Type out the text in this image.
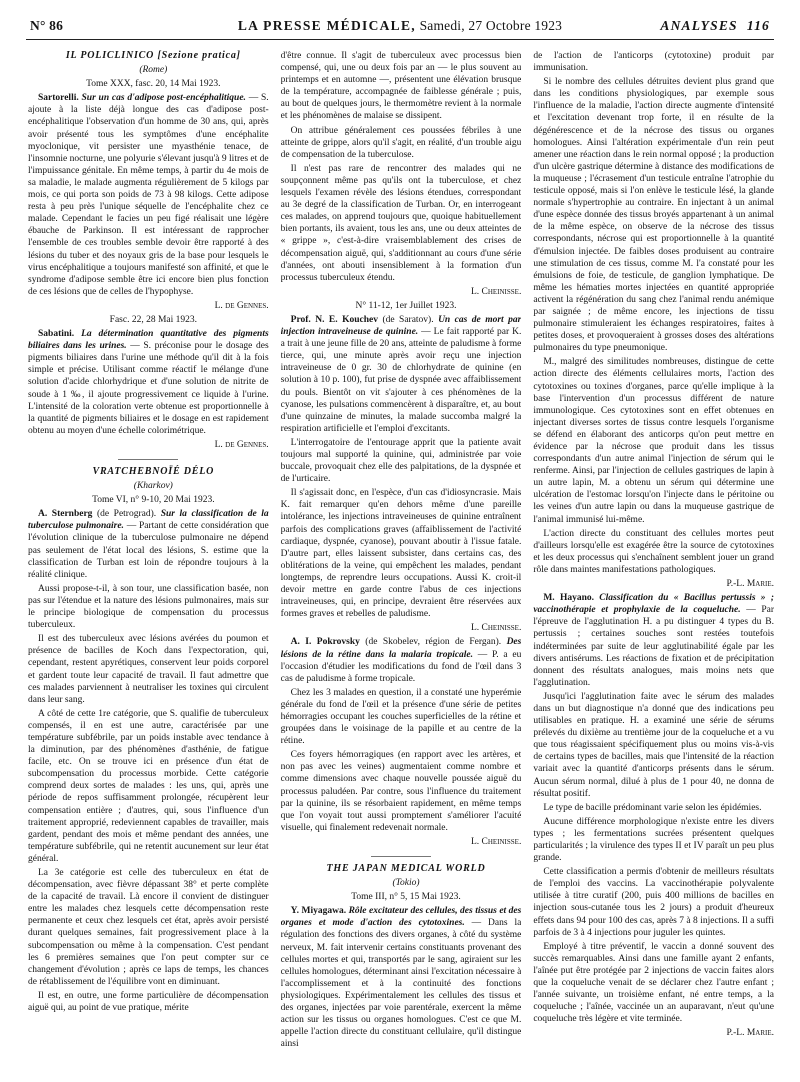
N° 86	LA PRESSE MÉDICALE, Samedi, 27 Octobre 1923	ANALYSES 116

IL POLICLINICO [Sezione pratica]

(Rome)

Tome XXX, fasc. 20, 14 Mai 1923.

Sartorelli. Sur un cas d'adipose post-encéphalitique. — S. ajoute à la liste déjà longue des cas d'adipose post-encéphalitique l'observation d'un homme de 30 ans, qui, après avoir présenté tous les symptômes d'une encéphalite myoclonique, vit persister une myasthénie tenace, de l'insomnie nocturne, une polyurie s'élevant jusqu'à 9 litres et de l'impuissance génitale. En même temps, à partir du 4e mois de sa maladie, le malade augmenta régulièrement de 5 kilogs par mois, ce qui porta son poids de 73 à 98 kilogs. Cette adipose resta à peu près l'unique séquelle de l'encéphalite chez ce malade. Cependant le facies un peu figé réalisait une légère ébauche de Parkinson. Il est intéressant de rapprocher l'ensemble de ces troubles semble devoir être rapporté à des lésions du tuber et des noyaux gris de la base pour lesquels le virus encéphalitique a toujours manifesté son affinité, et que le syndrome d'adipose semble être ici encore bien plus fonction de ces lésions que de celles de l'hypophyse.

L. de Gennes.

Fasc. 22, 28 Mai 1923.

Sabatini. La détermination quantitative des pigments biliaires dans les urines. — S. préconise pour le dosage des pigments biliaires dans l'urine une méthode qu'il dit à la fois simple et précise. Utilisant comme réactif le mélange d'une solution d'acide chlorhydrique et d'une solution de nitrite de soude à 1 ‰, il ajoute progressivement ce liquide à l'urine. L'intensité de la coloration verte obtenue est proportionnelle à la quantité de pigments biliaires et le dosage en est rapidement obtenu au moyen d'une échelle colorimétrique.

L. de Gennes.

VRATCHEBNOÏÉ DÉLO

(Kharkov)

Tome VI, n° 9-10, 20 Mai 1923.

A. Sternberg (de Petrograd). Sur la classification de la tuberculose pulmonaire. — Partant de cette considération que l'évolution clinique de la tuberculose pulmonaire ne dépend pas seulement de l'état local des lésions, S. estime que la classification de Turban est loin de répondre toujours à la réalité clinique.

Aussi propose-t-il, à son tour, une classification basée, non pas sur l'étendue et la nature des lésions pulmonaires, mais sur le principe biologique de compensation du processus tuberculeux.

Il est des tuberculeux avec lésions avérées du poumon et présence de bacilles de Koch dans l'expectoration, qui, cependant, restent apyrétiques, conservent leur poids corporel et gardent toute leur capacité de travail. Il faut admettre que ces malades parviennent à neutraliser les toxines qui circulent dans leur sang.

A côté de cette 1re catégorie, que S. qualifie de tuberculeux compensés, il en est une autre, caractérisée par une température subfébrile, par un poids instable avec tendance à la diminution, par des phénomènes d'asthénie, de fatigue facile, etc. On se trouve ici en présence d'un état de subcompensation du processus morbide. Cette catégorie comprend deux sortes de malades : les uns, qui, après une période de repos suffisamment prolongée, récupèrent leur compensation entière ; d'autres, qui, sous l'influence d'un traitement approprié, redeviennent capables de travailler, mais gardent, pendant des mois et même pendant des années, une température subfébrile, qui ne retentit aucunement sur leur état général.

La 3e catégorie est celle des tuberculeux en état de décompensation, avec fièvre dépassant 38° et perte complète de la capacité de travail. Là encore il convient de distinguer entre les malades chez lesquels cette décompensation reste permanente et ceux chez lesquels cet état, après avoir persisté durant quelques semaines, fait progressivement place à la subcompensation ou même à la compensation. C'est pendant les 6 premières semaines que l'on peut compter sur ce changement d'évolution ; après ce laps de temps, les chances de rétablissement de l'équilibre vont en diminuant.

Il est, en outre, une forme particulière de décompensation aiguë qui, au point de vue pratique, mérite

d'être connue. Il s'agit de tuberculeux avec processus bien compensé, qui, une ou deux fois par an — le plus souvent au printemps et en automne —, présentent une élévation brusque de la température, accompagnée de faiblesse générale ; puis, au bout de quelques jours, le thermomètre revient à la normale et les phénomènes de malaise se dissipent.

On attribue généralement ces poussées fébriles à une atteinte de grippe, alors qu'il s'agit, en réalité, d'un trouble aigu de compensation de la tuberculose.

Il n'est pas rare de rencontrer des malades qui ne soupçonnent même pas qu'ils ont la tuberculose, et chez lesquels l'examen révèle des lésions étendues, correspondant au 3e degré de la classification de Turban. Or, en interrogeant ces malades, on apprend toujours que, quoique habituellement bien portants, ils avaient, tous les ans, une ou deux atteintes de « grippe », c'est-à-dire vraisemblablement des crises de décompensation aiguë, qui, s'additionnant au cours d'une série d'années, ont abouti insensiblement à la formation d'un processus tuberculeux étendu.

L. Cheinisse.

N° 11-12, 1er Juillet 1923.

Prof. N. E. Kouchev (de Saratov). Un cas de mort par injection intraveineuse de quinine. — Le fait rapporté par K. a trait à une jeune fille de 20 ans, atteinte de paludisme à forme tierce, qui, une minute après avoir reçu une injection intraveineuse de 0 gr. 30 de chlorhydrate de quinine (en solution à 10 p. 100), fut prise de dyspnée avec affaiblissement du pouls. Bientôt on vit s'ajouter à ces phénomènes de la cyanose, les pulsations commencèrent à disparaître, et, au bout d'une quinzaine de minutes, la malade succomba malgré la respiration artificielle et l'emploi d'excitants.

L'interrogatoire de l'entourage apprit que la patiente avait toujours mal supporté la quinine, qui, administrée par voie buccale, provoquait chez elle des palpitations, de la dyspnée et de l'urticaire.

Il s'agissait donc, en l'espèce, d'un cas d'idiosyncrasie. Mais K. fait remarquer qu'en dehors même d'une pareille intolérance, les injections intraveineuses de quinine entraînent parfois des complications graves (affaiblissement de l'activité cardiaque, dyspnée, cyanose), pouvant aboutir à l'issue fatale. D'autre part, elles laissent subsister, dans certains cas, des oblitérations de la veine, qui empêchent les malades, pendant longtemps, de reprendre leurs occupations. Aussi K. croit-il devoir mettre en garde contre l'abus de ces injections intraveineuses, qui, en principe, devraient être réservées aux formes graves et rebelles de paludisme.

L. Cheinisse.

A. I. Pokrovsky (de Skobelev, région de Fergan). Des lésions de la rétine dans la malaria tropicale. — P. a eu l'occasion d'étudier les modifications du fond de l'œil dans 3 cas de paludisme à forme tropicale.

Chez les 3 malades en question, il a constaté une hyperémie générale du fond de l'œil et la présence d'une série de petites hémorragies occupant les couches superficielles de la rétine et groupées dans le voisinage de la papille et au centre de la rétine.

Ces foyers hémorragiques (en rapport avec les artères, et non pas avec les veines) augmentaient comme nombre et comme dimensions avec chaque nouvelle poussée aiguë du processus paludéen. Par contre, sous l'influence du traitement par la quinine, ils se résorbaient rapidement, en même temps que l'on voyait tout aussi promptement s'améliorer l'acuité visuelle, qui finalement redevenait normale.

L. Cheinisse.

THE JAPAN MEDICAL WORLD

(Tokio)

Tome III, n° 5, 15 Mai 1923.

Y. Miyagawa. Rôle excitateur des cellules, des tissus et des organes et mode d'action des cytotoxines. — Dans la régulation des fonctions des divers organes, à côté du système nerveux, M. fait intervenir certains constituants provenant des cellules mortes et qui, transportés par le sang, agiraient sur les cellules homologues, déterminant ainsi l'excitation nécessaire à l'accomplissement et à la continuité des fonctions physiologiques. Expérimentalement les cellules des tissus et des organes, injectées par voie parentérale, exercent la même action sur les tissus ou organes homologues. C'est ce que M. appelle l'action directe du constituant cellulaire, qu'il distingue ainsi

de l'action de l'anticorps (cytotoxine) produit par immunisation.

Si le nombre des cellules détruites devient plus grand que dans les conditions physiologiques, par exemple sous l'influence de la maladie, l'action directe augmente d'intensité et l'excitation devenant trop forte, il en résulte de la dégénérescence et de la nécrose des tissus ou organes homologues. Ainsi l'altération expérimentale d'un rein peut amener une réaction dans le rein normal opposé ; la production d'un ulcère gastrique détermine à distance des modifications de la muqueuse ; l'écrasement d'un testicule entraîne l'atrophie du testicule opposé, mais si l'on enlève le testicule lésé, la glande normale s'hypertrophie au contraire. En injectant à un animal d'une espèce donnée des tissus broyés appartenant à un animal de la même espèce, on observe de la nécrose des tissus correspondants, nécrose qui est proportionnelle à la quantité d'émulsion injectée. De faibles doses produisent au contraire une stimulation de ces tissus, comme M. l'a constaté pour les émulsions de foie, de testicule, de ganglion lymphatique. De même les hématies mortes injectées en quantité appropriée activent la régénération du sang chez l'animal rendu anémique par saignée ; de même encore, les injections de tissu pulmonaire stimuleraient les échanges respiratoires, faites à petites doses, et provoqueraient à grosses doses des altérations pulmonaires du type pneumonique.

M., malgré des similitudes nombreuses, distingue de cette action directe des éléments cellulaires morts, l'action des cytotoxines ou toxines d'organes, parce qu'elle implique à la base l'intervention d'un processus différent de nature immunologique. Ces cytotoxines sont en effet obtenues en injectant diverses sortes de tissus contre lesquels l'organisme se défend en élaborant des anticorps qu'on peut mettre en évidence par la nécrose que produit dans les tissus correspondants d'un autre animal l'injection de sérum qui le renferme. Ainsi, par l'injection de cellules gastriques de lapin à un autre lapin, M. a obtenu un sérum qui détermine une ulcération de l'estomac lorsqu'on l'injecte dans le péritoine ou les veines d'un autre lapin ou dans la muqueuse gastrique de l'animal immunisé lui-même.

L'action directe du constituant des cellules mortes peut d'ailleurs lorsqu'elle est exagérée être la source de cytotoxines et les deux processus qui s'enchaînent semblent jouer un grand rôle dans maintes manifestations pathologiques.

P.-L. Marie.

M. Hayano. Classification du « Bacillus pertussis » ; vaccinothérapie et prophylaxie de la coqueluche. — Par l'épreuve de l'agglutination H. a pu distinguer 4 types du B. pertussis ; certaines souches sont restées toutefois indéterminées par suite de leur agglutinabilité égale par les divers antisérums. Les réactions de fixation et de précipitation donnent des résultats analogues, mais moins nets que l'agglutination.

Jusqu'ici l'agglutination faite avec le sérum des malades dans un but diagnostique n'a donné que des indications peu utilisables en pratique. H. a examiné une série de sérums prélevés du dixième au trentième jour de la coqueluche et a vu que tous réagissaient spécifiquement plus ou moins vis-à-vis de certains types de bacilles, mais que l'intensité de la réaction variait avec la quantité d'anticorps présents dans le sérum. Aucun sérum normal, dilué à plus de 1 pour 40, ne donna de résultat positif.

Le type de bacille prédominant varie selon les épidémies.

Aucune différence morphologique n'existe entre les divers types ; les fermentations sucrées présentent quelques particularités ; la virulence des types II et IV paraît un peu plus grande.

Cette classification a permis d'obtenir de meilleurs résultats de l'emploi des vaccins. La vaccinothérapie polyvalente utilisée à titre curatif (200, puis 400 millions de bacilles en injection sous-cutanée tous les 2 jours) a produit d'heureux effets dans 94 pour 100 des cas, après 7 à 8 injections. Il a suffi parfois de 3 à 4 injections pour juguler les quintes.

Employé à titre préventif, le vaccin a donné souvent des succès remarquables. Ainsi dans une famille ayant 2 enfants, l'aînée put être protégée par 2 injections de vaccin faites alors que la coqueluche venait de se déclarer chez l'autre enfant ; l'année suivante, un troisième enfant, né entre temps, a la coqueluche ; l'aînée, vaccinée un an auparavant, n'eut qu'une coqueluche très légère et vite terminée.

P.-L. Marie.
